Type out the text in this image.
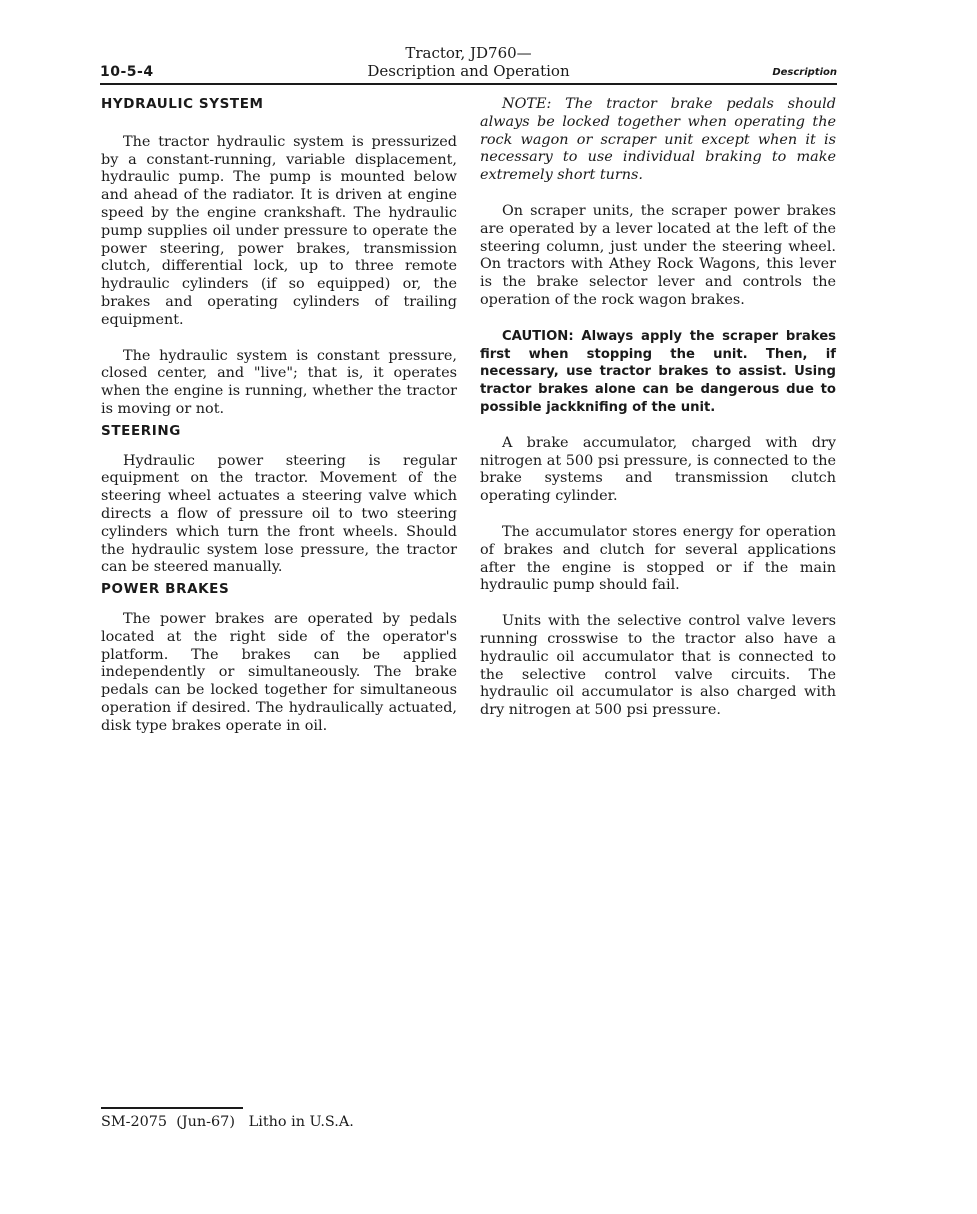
10-5-4
Tractor, JD760—
Description and Operation	Description

HYDRAULIC SYSTEM

The tractor hydraulic system is pressurized by a constant-running, variable displacement, hydraulic pump. The pump is mounted below and ahead of the radiator. It is driven at engine speed by the engine crankshaft. The hydraulic pump supplies oil under pressure to operate the power steering, power brakes, transmission clutch, differential lock, up to three remote hydraulic cylinders (if so equipped) or, the brakes and operating cylinders of trailing equipment.

The hydraulic system is constant pressure, closed center, and "live"; that is, it operates when the engine is running, whether the tractor is moving or not.

STEERING

Hydraulic power steering is regular equipment on the tractor. Movement of the steering wheel actuates a steering valve which directs a flow of pressure oil to two steering cylinders which turn the front wheels. Should the hydraulic system lose pressure, the tractor can be steered manually.

POWER BRAKES

The power brakes are operated by pedals located at the right side of the operator's platform. The brakes can be applied independently or simultaneously. The brake pedals can be locked together for simultaneous operation if desired. The hydraulically actuated, disk type brakes operate in oil.

NOTE: The tractor brake pedals should always be locked together when operating the rock wagon or scraper unit except when it is necessary to use individual braking to make extremely short turns.

On scraper units, the scraper power brakes are operated by a lever located at the left of the steering column, just under the steering wheel. On tractors with Athey Rock Wagons, this lever is the brake selector lever and controls the operation of the rock wagon brakes.

CAUTION: Always apply the scraper brakes first when stopping the unit. Then, if necessary, use tractor brakes to assist. Using tractor brakes alone can be dangerous due to possible jackknifing of the unit.

A brake accumulator, charged with dry nitrogen at 500 psi pressure, is connected to the brake systems and transmission clutch operating cylinder.

The accumulator stores energy for operation of brakes and clutch for several applications after the engine is stopped or if the main hydraulic pump should fail.

Units with the selective control valve levers running crosswise to the tractor also have a hydraulic oil accumulator that is connected to the selective control valve circuits. The hydraulic oil accumulator is also charged with dry nitrogen at 500 psi pressure.

SM-2075  (Jun-67)   Litho in U.S.A.
